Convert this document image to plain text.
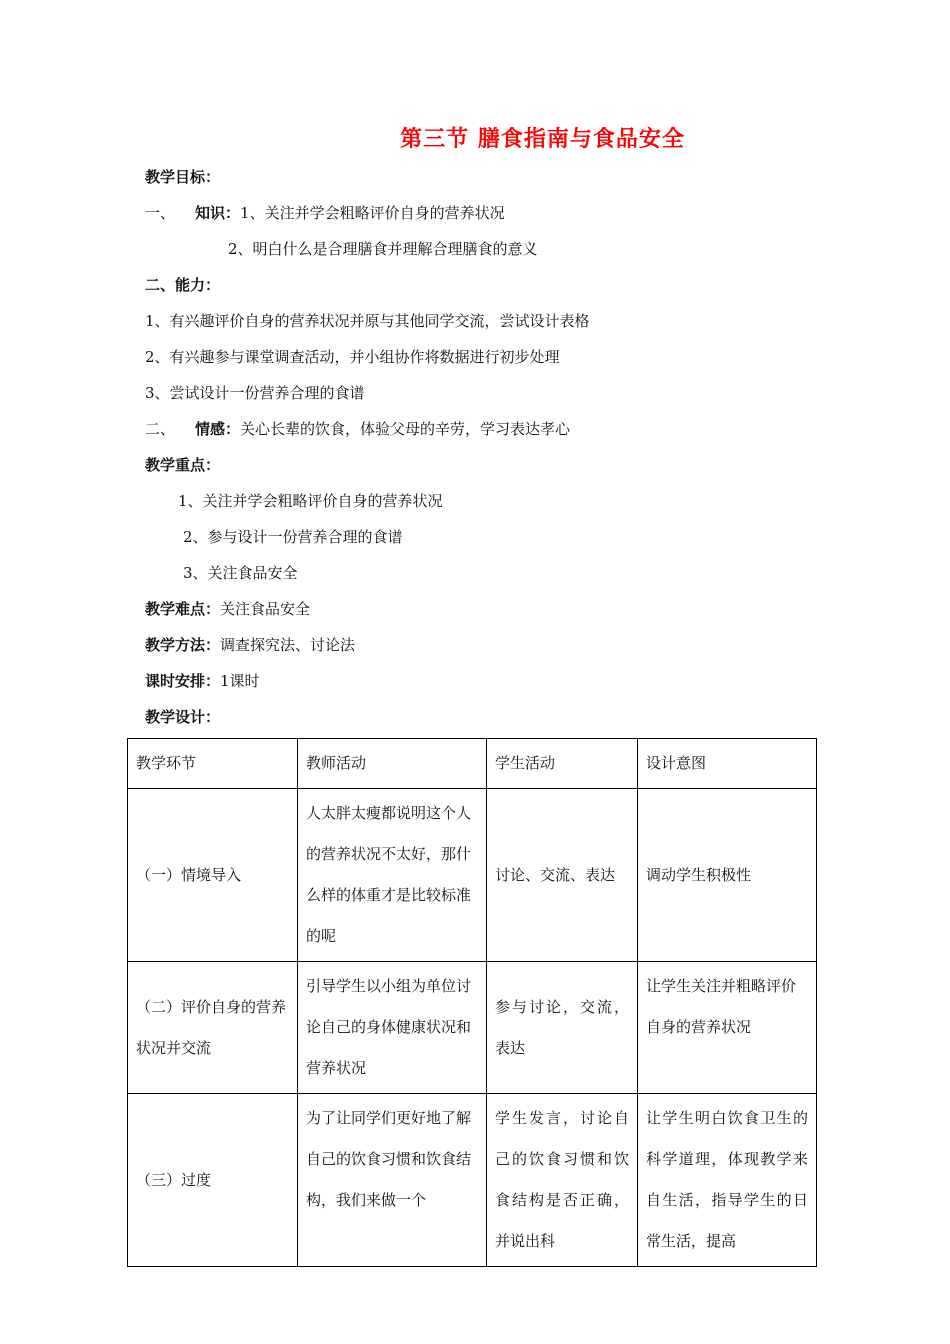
第三节 膳食指南与食品安全
教学目标：
一、 知识：1、关注并学会粗略评价自身的营养状况
2、明白什么是合理膳食并理解合理膳食的意义
二、能力：
1、有兴趣评价自身的营养状况并原与其他同学交流，尝试设计表格
2、有兴趣参与课堂调查活动，并小组协作将数据进行初步处理
3、尝试设计一份营养合理的食谱
二、 情感：关心长辈的饮食，体验父母的辛劳，学习表达孝心
教学重点：
1、关注并学会粗略评价自身的营养状况
2、参与设计一份营养合理的食谱
3、关注食品安全
教学难点：关注食品安全
教学方法：调查探究法、讨论法
课时安排：1课时
教学设计：
教学环节	教师活动	学生活动	设计意图
（一）情境导入	人太胖太瘦都说明这个人的营养状况不太好，那什么样的体重才是比较标准的呢	讨论、交流、表达	调动学生积极性
（二）评价自身的营养状况并交流	引导学生以小组为单位讨论自己的身体健康状况和营养状况	参与讨论，交流，表达	让学生关注并粗略评价自身的营养状况
（三）过度	为了让同学们更好地了解自己的饮食习惯和饮食结构，我们来做一个	学生发言，讨论自己的饮食习惯和饮食结构是否正确，并说出科	让学生明白饮食卫生的科学道理，体现教学来自生活，指导学生的日常生活，提高
